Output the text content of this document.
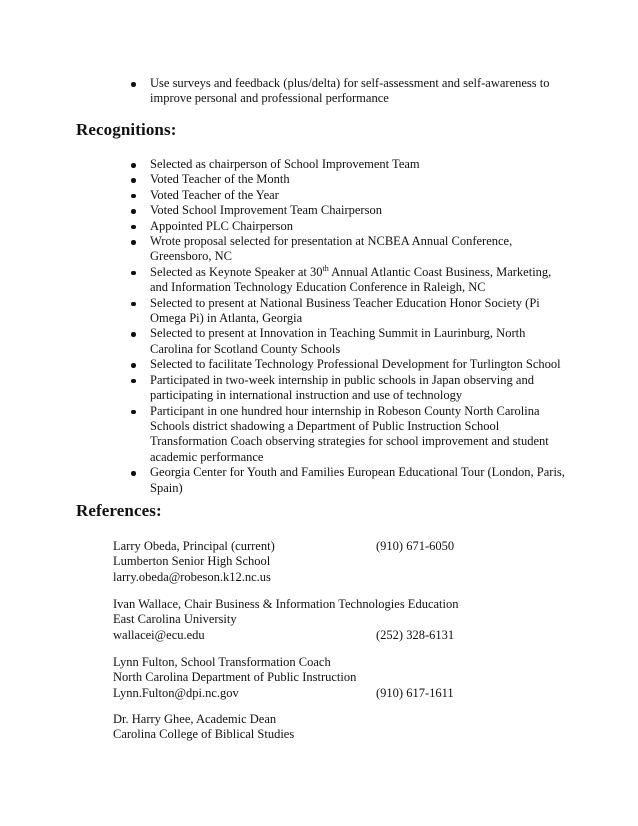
Use surveys and feedback (plus/delta) for self-assessment and self-awareness to improve personal and professional performance
Recognitions:
Selected as chairperson of School Improvement Team
Voted Teacher of the Month
Voted Teacher of the Year
Voted School Improvement Team Chairperson
Appointed PLC Chairperson
Wrote proposal selected for presentation at NCBEA Annual Conference, Greensboro, NC
Selected as Keynote Speaker at 30th Annual Atlantic Coast Business, Marketing, and Information Technology Education Conference in Raleigh, NC
Selected to present at National Business Teacher Education Honor Society (Pi Omega Pi) in Atlanta, Georgia
Selected to present at Innovation in Teaching Summit in Laurinburg, North Carolina for Scotland County Schools
Selected to facilitate Technology Professional Development for Turlington School
Participated in two-week internship in public schools in Japan observing and participating in international instruction and use of technology
Participant in one hundred hour internship in Robeson County North Carolina Schools district shadowing a Department of Public Instruction School Transformation Coach observing strategies for school improvement and student academic performance
Georgia Center for Youth and Families European Educational Tour (London, Paris, Spain)
References:
Larry Obeda, Principal (current)	(910) 671-6050
Lumberton Senior High School
larry.obeda@robeson.k12.nc.us
Ivan Wallace, Chair Business & Information Technologies Education
East Carolina University
wallacei@ecu.edu	(252) 328-6131
Lynn Fulton, School Transformation Coach
North Carolina Department of Public Instruction
Lynn.Fulton@dpi.nc.gov	(910) 617-1611
Dr. Harry Ghee, Academic Dean
Carolina College of Biblical Studies
